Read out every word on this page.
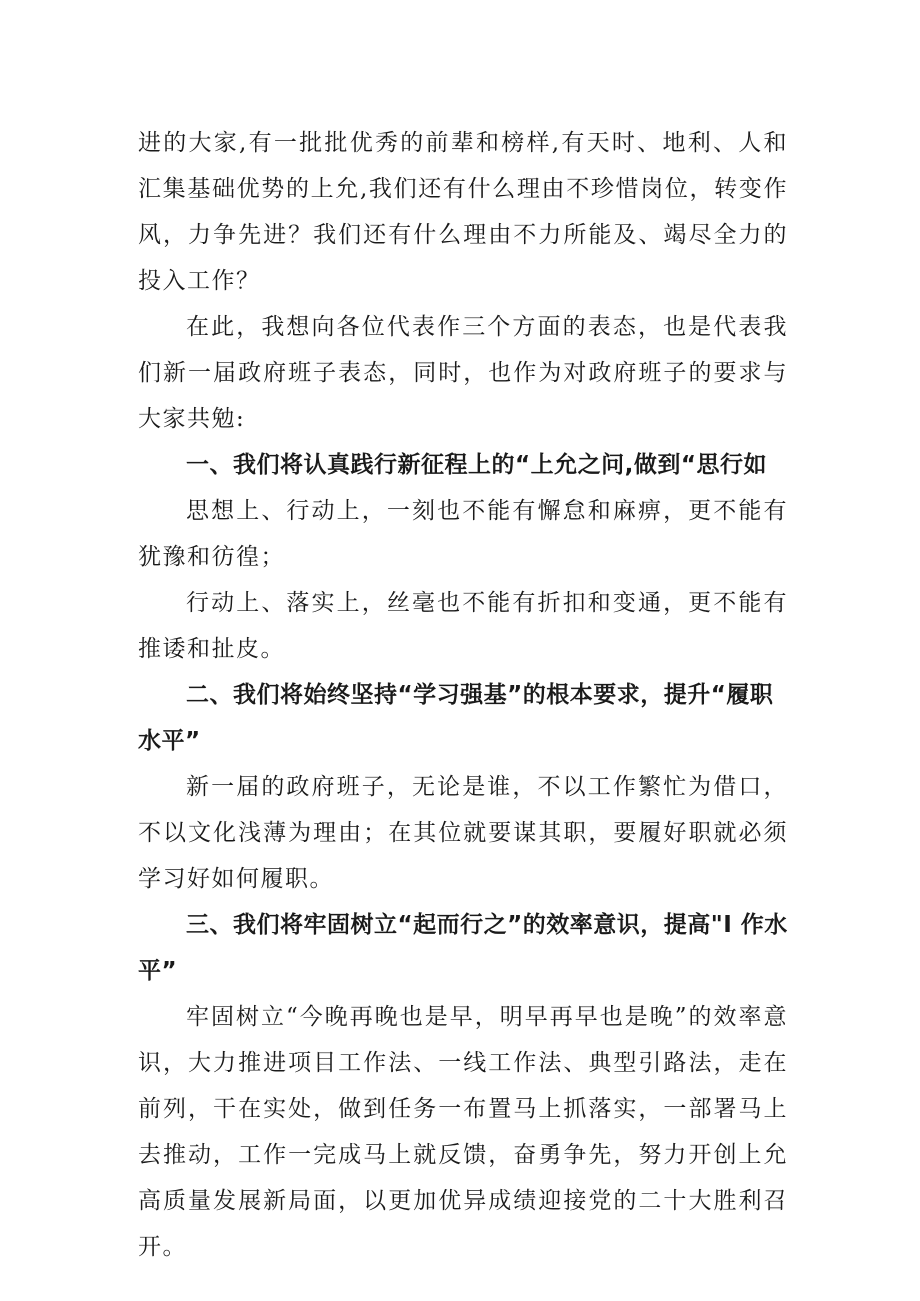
进的大家,有一批批优秀的前辈和榜样,有天时、地利、人和汇集基础优势的上允,我们还有什么理由不珍惜岗位，转变作风，力争先进？我们还有什么理由不力所能及、竭尽全力的投入工作？

在此，我想向各位代表作三个方面的表态，也是代表我们新一届政府班子表态，同时，也作为对政府班子的要求与大家共勉:

一、我们将认真践行新征程上的“上允之问,做到“思行如

思想上、行动上，一刻也不能有懈怠和麻痹，更不能有犹豫和彷徨；

行动上、落实上，丝毫也不能有折扣和变通，更不能有推诿和扯皮。

二、我们将始终坚持“学习强基”的根本要求，提升“履职水平”

新一届的政府班子，无论是谁，不以工作繁忙为借口，不以文化浅薄为理由；在其位就要谋其职，要履好职就必须学习好如何履职。

三、我们将牢固树立“起而行之”的效率意识，提高"I 作水平”

牢固树立“今晚再晚也是早，明早再早也是晚”的效率意识，大力推进项目工作法、一线工作法、典型引路法，走在前列，干在实处，做到任务一布置马上抓落实，一部署马上去推动，工作一完成马上就反馈，奋勇争先，努力开创上允高质量发展新局面，以更加优异成绩迎接党的二十大胜利召开。
